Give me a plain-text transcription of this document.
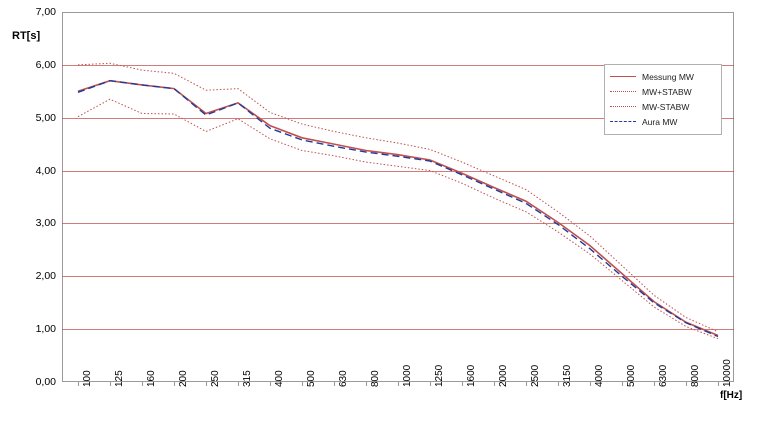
RT[s]
f[Hz]
0,00
1,00
2,00
3,00
4,00
5,00
6,00
7,00
100 125 160 200 250 315 400 500 630 800 1000 1250 1600 2000 2500 3150 4000 5000 6300 8000 10000
Messung MW
MW+STABW
MW-STABW
Aura MW
